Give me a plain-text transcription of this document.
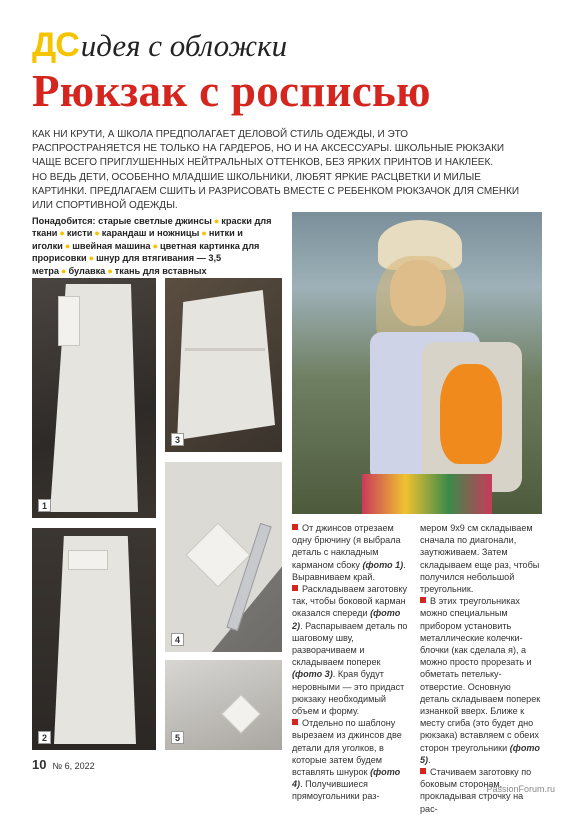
ДСидея с обложки
Рюкзак с росписью

КАК НИ КРУТИ, А ШКОЛА ПРЕДПОЛАГАЕТ ДЕЛОВОЙ СТИЛЬ ОДЕЖДЫ, И ЭТО

РАСПРОСТРАНЯЕТСЯ НЕ ТОЛЬКО НА ГАРДЕРОБ, НО И НА АКСЕССУАРЫ. ШКОЛЬНЫЕ РЮКЗАКИ

ЧАЩЕ ВСЕГО ПРИГЛУШЕННЫХ НЕЙТРАЛЬНЫХ ОТТЕНКОВ, БЕЗ ЯРКИХ ПРИНТОВ И НАКЛЕЕК.

НО ВЕДЬ ДЕТИ, ОСОБЕННО МЛАДШИЕ ШКОЛЬНИКИ, ЛЮБЯТ ЯРКИЕ РАСЦВЕТКИ И МИЛЫЕ

КАРТИНКИ. ПРЕДЛАГАЕМ СШИТЬ И РАЗРИСОВАТЬ ВМЕСТЕ С РЕБЕНКОМ РЮКЗАЧОК ДЛЯ СМЕНКИ

ИЛИ СПОРТИВНОЙ ОДЕЖДЫ.

Понадобится: старые светлые джинсы ● краски для ткани ● кисти ● карандаш и ножницы ● нитки и иголки ● швейная машина ● цветная картинка для прорисовки ● шнур для втягивания — 3,5 метра ● булавка ● ткань для вставных
1
3
2
4
5

От джинсов отрезаем одну брючину (я выбрала деталь с накладным карманом сбоку (фото 1). Выравниваем край.

Раскладываем заготовку так, чтобы боковой карман оказался спереди (фото 2). Распарываем деталь по шаговому шву, разворачиваем и складываем поперек (фото 3). Края будут неровными — это придаст рюкзаку необходимый объем и форму.

Отдельно по шаблону вырезаем из джинсов две детали для уголков, в которые затем будем вставлять шнурок (фото 4). Получившиеся прямоугольники раз-

мером 9х9 см складываем сначала по диагонали, заутюживаем. Затем складываем еще раз, чтобы получился небольшой треугольник.

В этих треугольниках можно специальным прибором установить металлические колечки-блочки (как сделала я), а можно просто прорезать и обметать петельку-отверстие. Основную деталь складываем поперек изнанкой вверх. Ближе к месту сгиба (это будет дно рюкзака) вставляем с обеих сторон треугольники (фото 5).

Стачиваем заготовку по боковым сторонам, прокладывая строчку на рас-

10 № 6, 2022
PassionForum.ru
